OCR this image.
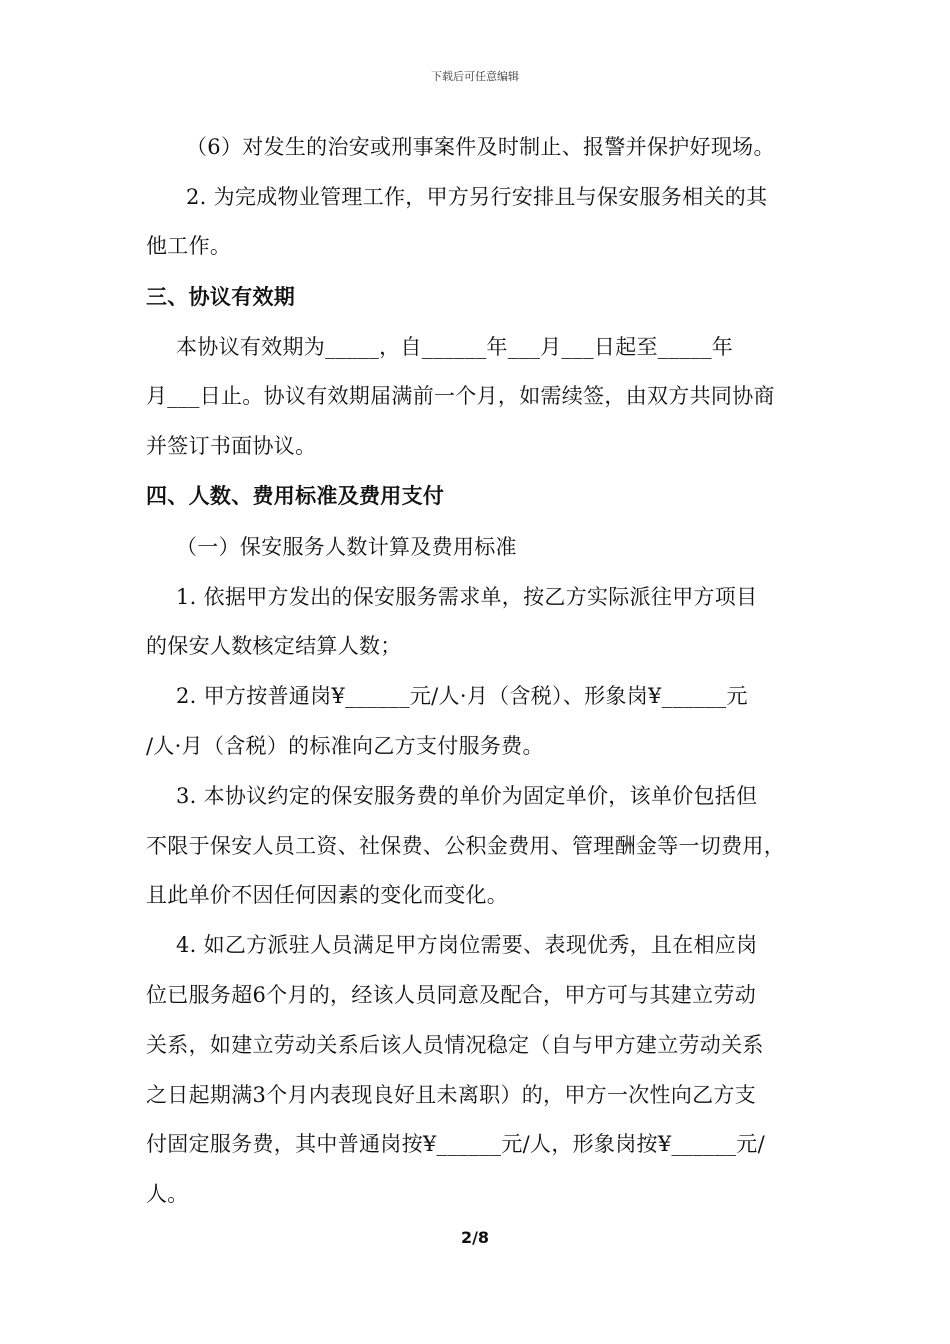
下载后可任意编辑
（6）对发生的治安或刑事案件及时制止、报警并保护好现场。
2. 为完成物业管理工作，甲方另行安排且与保安服务相关的其
他工作。
三、协议有效期
本协议有效期为_____，自______年___月___日起至_____年
月___日止。协议有效期届满前一个月，如需续签，由双方共同协商
并签订书面协议。
四、人数、费用标准及费用支付
（一）保安服务人数计算及费用标准
1. 依据甲方发出的保安服务需求单，按乙方实际派往甲方项目
的保安人数核定结算人数；
2. 甲方按普通岗¥______元/人·月（含税）、形象岗¥______元
/人·月（含税）的标准向乙方支付服务费。
3. 本协议约定的保安服务费的单价为固定单价，该单价包括但
不限于保安人员工资、社保费、公积金费用、管理酬金等一切费用，
且此单价不因任何因素的变化而变化。
4. 如乙方派驻人员满足甲方岗位需要、表现优秀，且在相应岗
位已服务超6个月的，经该人员同意及配合，甲方可与其建立劳动
关系，如建立劳动关系后该人员情况稳定（自与甲方建立劳动关系
之日起期满3个月内表现良好且未离职）的，甲方一次性向乙方支
付固定服务费，其中普通岗按¥______元/人，形象岗按¥______元/
人。
2/8
